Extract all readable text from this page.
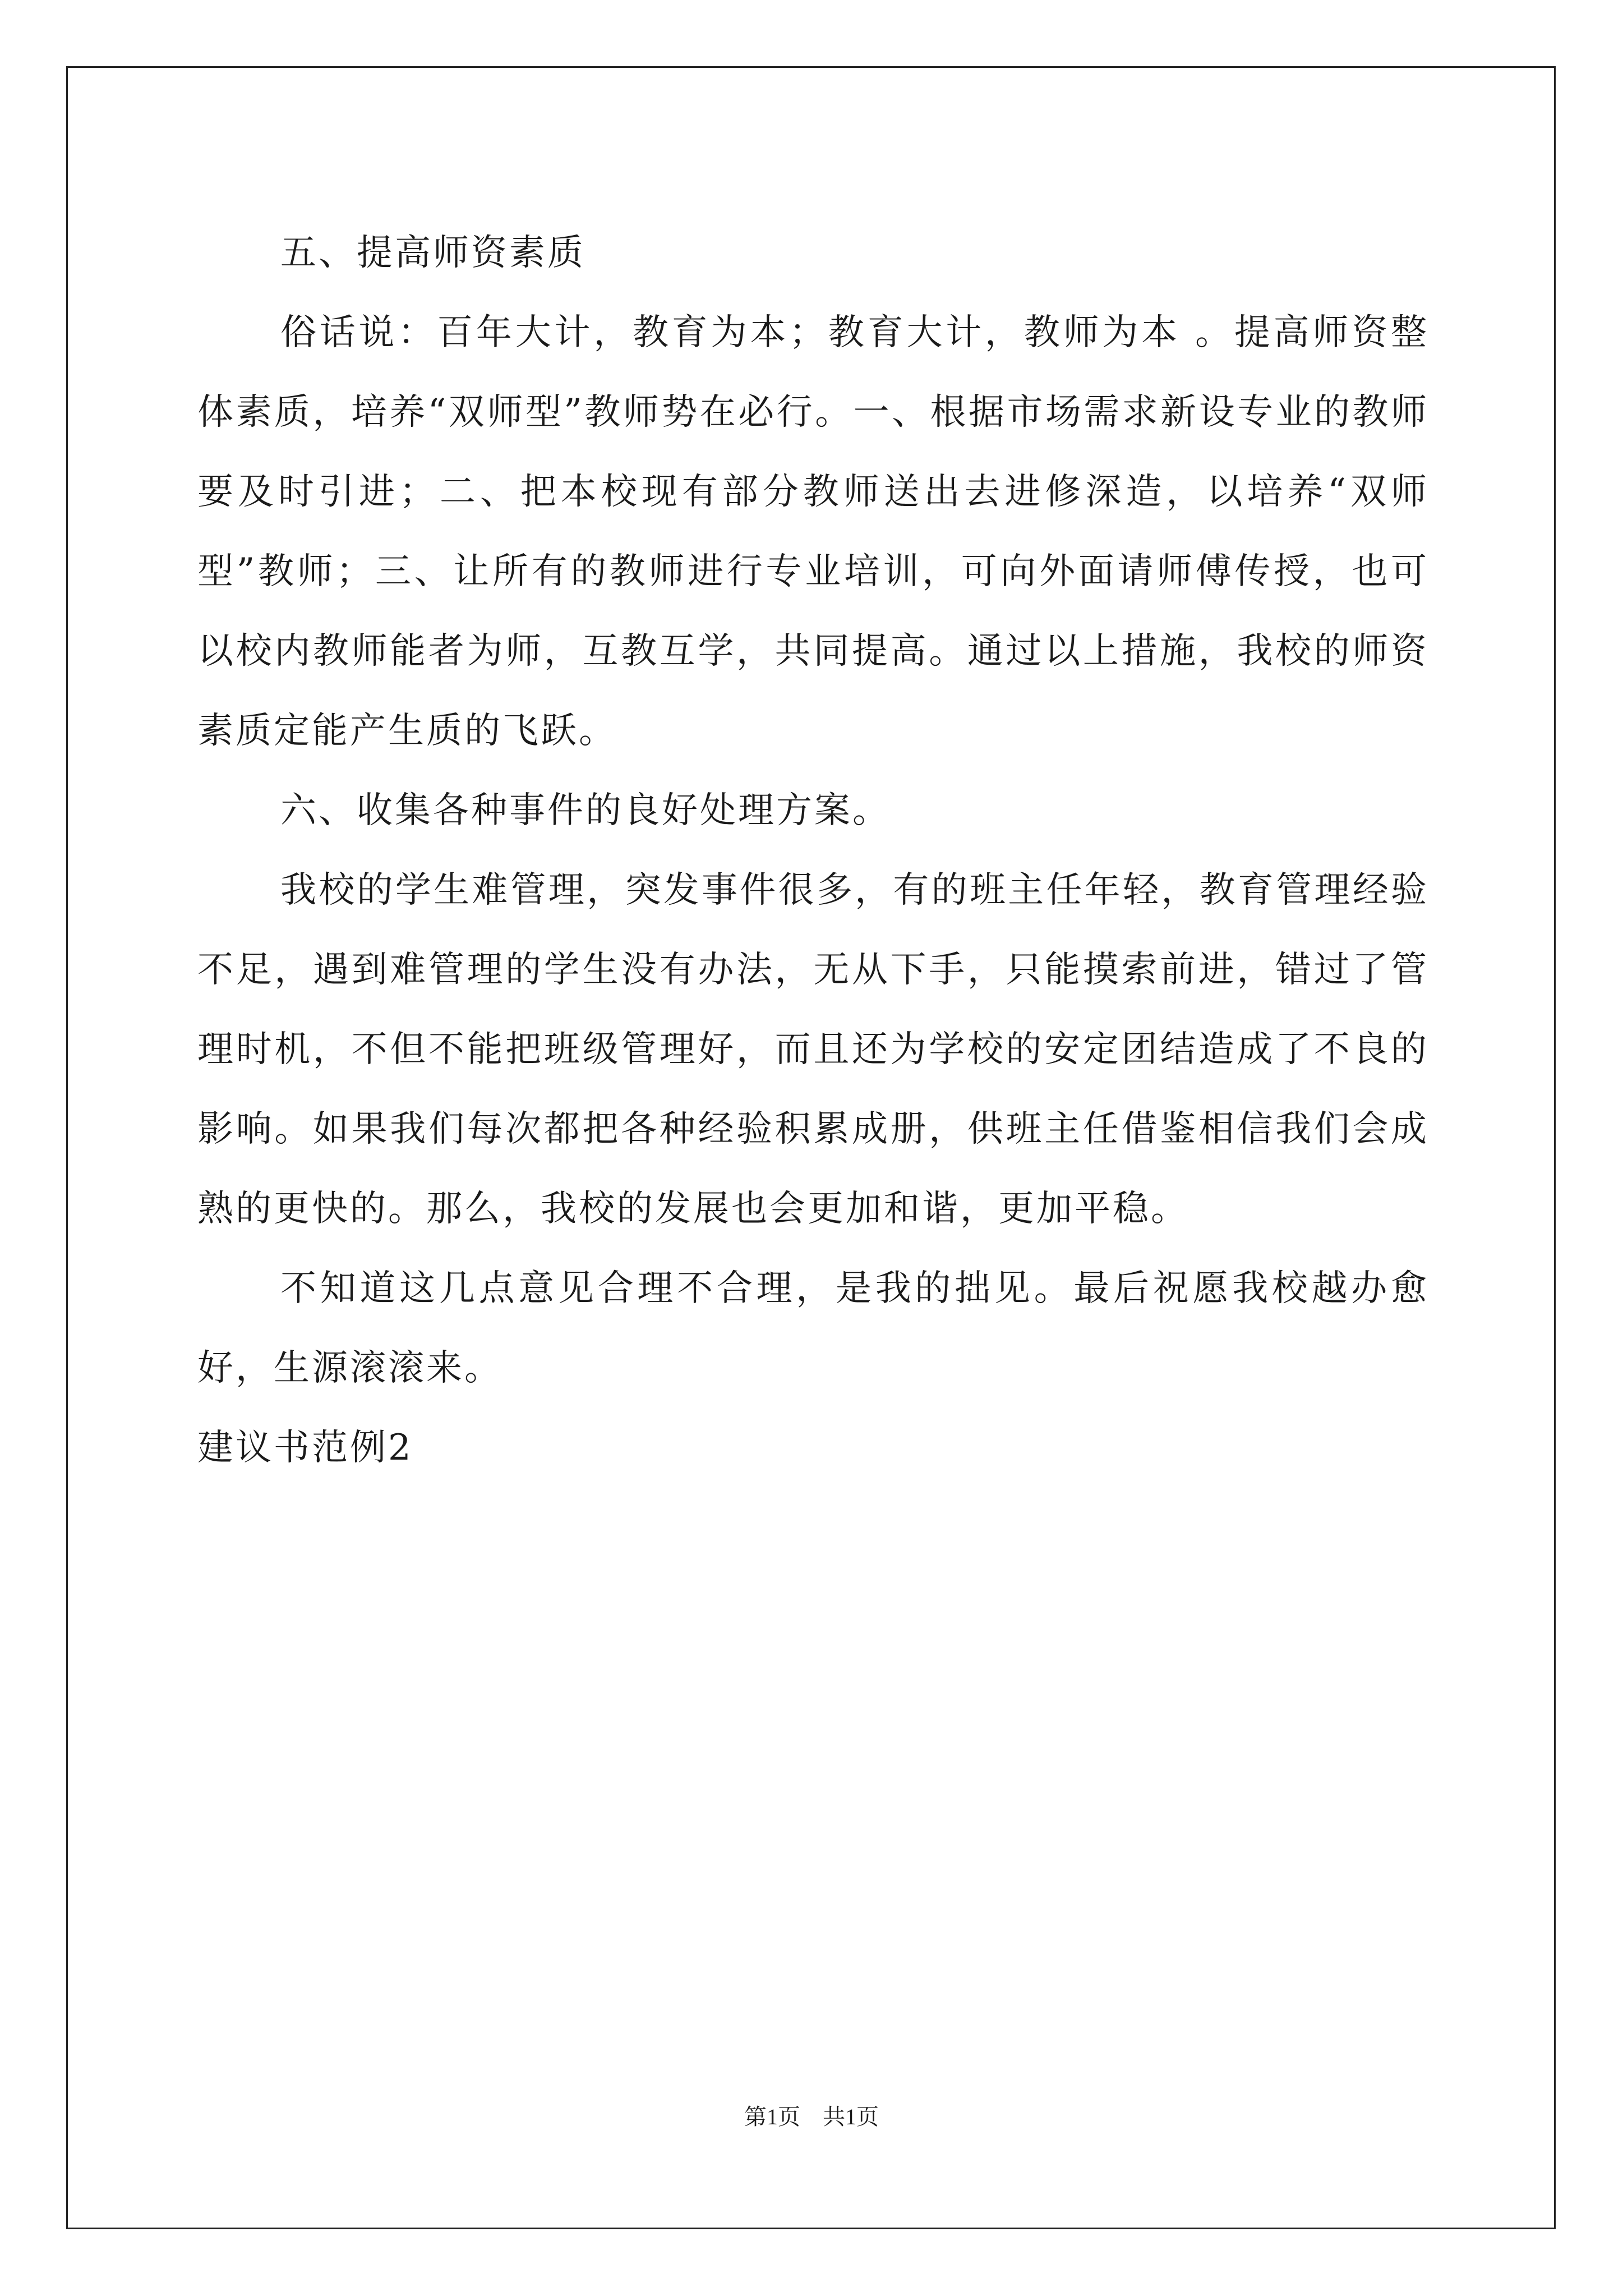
五、提高师资素质

俗话说：百年大计，教育为本；教育大计，教师为本 。提高师资整体素质，培养“双师型”教师势在必行。一、根据市场需求新设专业的教师要及时引进；二、把本校现有部分教师送出去进修深造，以培养“双师型”教师；三、让所有的教师进行专业培训，可向外面请师傅传授，也可以校内教师能者为师，互教互学，共同提高。通过以上措施，我校的师资素质定能产生质的飞跃。

六、收集各种事件的良好处理方案。

我校的学生难管理，突发事件很多，有的班主任年轻，教育管理经验不足，遇到难管理的学生没有办法，无从下手，只能摸索前进，错过了管理时机，不但不能把班级管理好，而且还为学校的安定团结造成了不良的影响。如果我们每次都把各种经验积累成册，供班主任借鉴相信我们会成熟的更快的。那么，我校的发展也会更加和谐，更加平稳。

不知道这几点意见合理不合理，是我的拙见。最后祝愿我校越办愈好，生源滚滚来。

建议书范例2

第1页　共1页
